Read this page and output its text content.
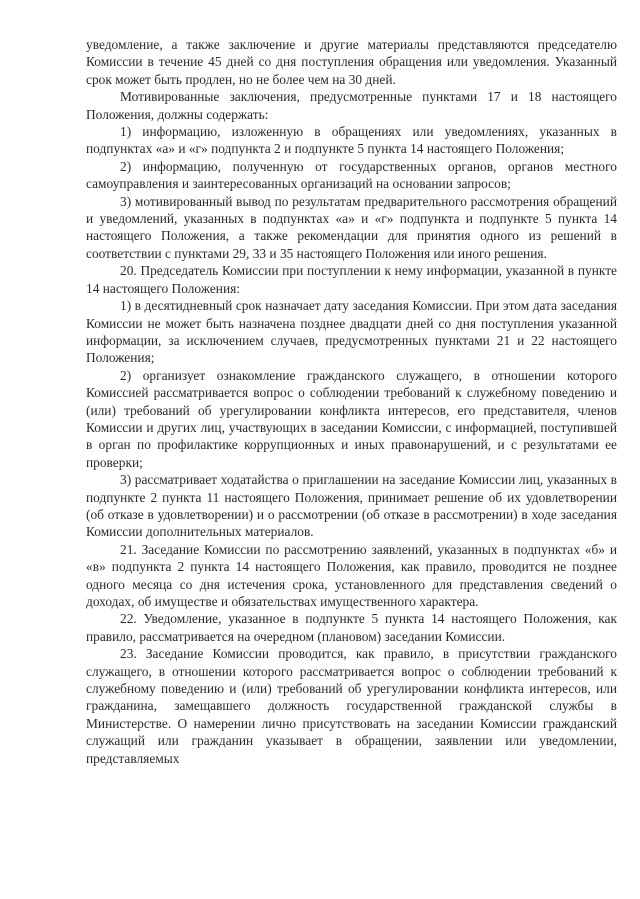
уведомление, а также заключение и другие материалы представляются председателю Комиссии в течение 45 дней со дня поступления обращения или уведомления. Указанный срок может быть продлен, но не более чем на 30 дней.

Мотивированные заключения, предусмотренные пунктами 17 и 18 настоящего Положения, должны содержать:

1) информацию, изложенную в обращениях или уведомлениях, указанных в подпунктах «а» и «г» подпункта 2 и подпункте 5 пункта 14 настоящего Положения;

2) информацию, полученную от государственных органов, органов местного самоуправления и заинтересованных организаций на основании запросов;

3) мотивированный вывод по результатам предварительного рассмотрения обращений и уведомлений, указанных в подпунктах «а» и «г» подпункта и подпункте 5 пункта 14 настоящего Положения, а также рекомендации для принятия одного из решений в соответствии с пунктами 29, 33 и 35 настоящего Положения или иного решения.

20. Председатель Комиссии при поступлении к нему информации, указанной в пункте 14 настоящего Положения:

1) в десятидневный срок назначает дату заседания Комиссии. При этом дата заседания Комиссии не может быть назначена позднее двадцати дней со дня поступления указанной информации, за исключением случаев, предусмотренных пунктами 21 и 22 настоящего Положения;

2) организует ознакомление гражданского служащего, в отношении которого Комиссией рассматривается вопрос о соблюдении требований к служебному поведению и (или) требований об урегулировании конфликта интересов, его представителя, членов Комиссии и других лиц, участвующих в заседании Комиссии, с информацией, поступившей в орган по профилактике коррупционных и иных правонарушений, и с результатами ее проверки;

3) рассматривает ходатайства о приглашении на заседание Комиссии лиц, указанных в подпункте 2 пункта 11 настоящего Положения, принимает решение об их удовлетворении (об отказе в удовлетворении) и о рассмотрении (об отказе в рассмотрении) в ходе заседания Комиссии дополнительных материалов.

21. Заседание Комиссии по рассмотрению заявлений, указанных в подпунктах «б» и «в» подпункта 2 пункта 14 настоящего Положения, как правило, проводится не позднее одного месяца со дня истечения срока, установленного для представления сведений о доходах, об имуществе и обязательствах имущественного характера.

22. Уведомление, указанное в подпункте 5 пункта 14 настоящего Положения, как правило, рассматривается на очередном (плановом) заседании Комиссии.

23. Заседание Комиссии проводится, как правило, в присутствии гражданского служащего, в отношении которого рассматривается вопрос о соблюдении требований к служебному поведению и (или) требований об урегулировании конфликта интересов, или гражданина, замещавшего должность государственной гражданской службы в Министерстве. О намерении лично присутствовать на заседании Комиссии гражданский служащий или гражданин указывает в обращении, заявлении или уведомлении, представляемых
